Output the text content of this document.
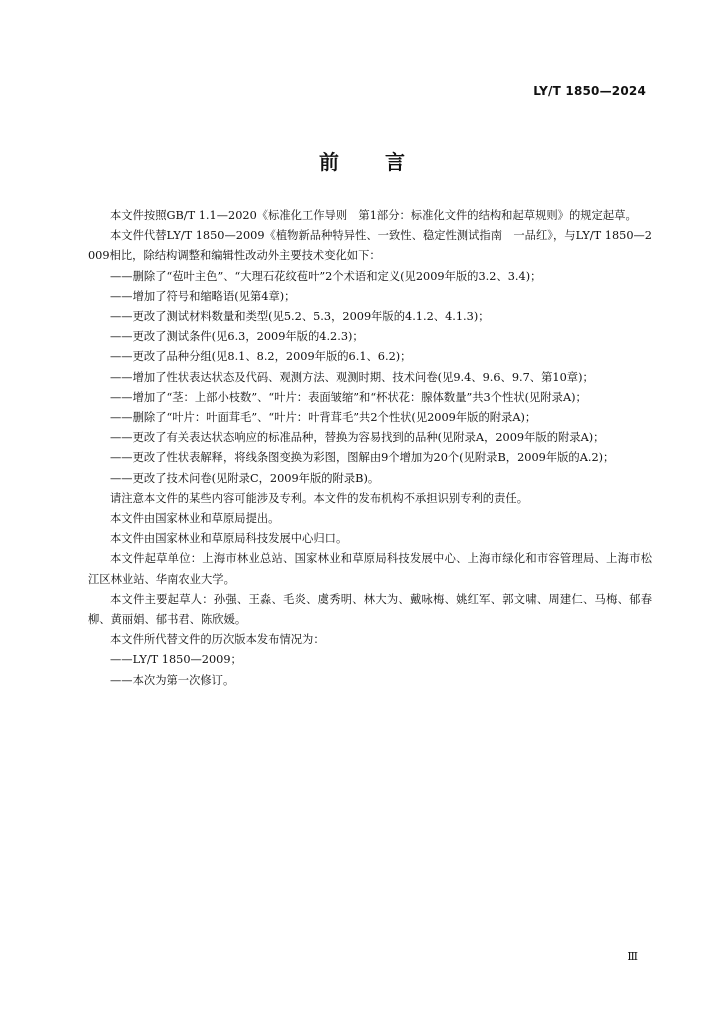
LY/T 1850—2024
前 言

本文件按照GB/T 1.1—2020《标准化工作导则　第1部分：标准化文件的结构和起草规则》的规定起草。

本文件代替LY/T 1850—2009《植物新品种特异性、一致性、稳定性测试指南　一品红》，与LY/T 1850—2009相比，除结构调整和编辑性改动外主要技术变化如下：

——删除了“苞叶主色”、“大理石花纹苞叶”2个术语和定义(见2009年版的3.2、3.4)；

——增加了符号和缩略语(见第4章)；

——更改了测试材料数量和类型(见5.2、5.3，2009年版的4.1.2、4.1.3)；

——更改了测试条件(见6.3，2009年版的4.2.3)；

——更改了品种分组(见8.1、8.2，2009年版的6.1、6.2)；

——增加了性状表达状态及代码、观测方法、观测时期、技术问卷(见9.4、9.6、9.7、第10章)；

——增加了“茎：上部小枝数”、“叶片：表面皱缩”和“杯状花：腺体数量”共3个性状(见附录A)；

——删除了“叶片：叶面茸毛”、“叶片：叶背茸毛”共2个性状(见2009年版的附录A)；

——更改了有关表达状态响应的标准品种，替换为容易找到的品种(见附录A，2009年版的附录A)；

——更改了性状表解释，将线条图变换为彩图，图解由9个增加为20个(见附录B，2009年版的A.2)；

——更改了技术问卷(见附录C，2009年版的附录B)。

请注意本文件的某些内容可能涉及专利。本文件的发布机构不承担识别专利的责任。

本文件由国家林业和草原局提出。

本文件由国家林业和草原局科技发展中心归口。

本文件起草单位：上海市林业总站、国家林业和草原局科技发展中心、上海市绿化和市容管理局、上海市松江区林业站、华南农业大学。

本文件主要起草人：孙强、王淼、毛炎、虞秀明、林大为、戴咏梅、姚红军、郭文啸、周建仁、马梅、郁春柳、黄丽娟、郁书君、陈欣媛。

本文件所代替文件的历次版本发布情况为：

——LY/T 1850—2009；

——本次为第一次修订。

Ⅲ
